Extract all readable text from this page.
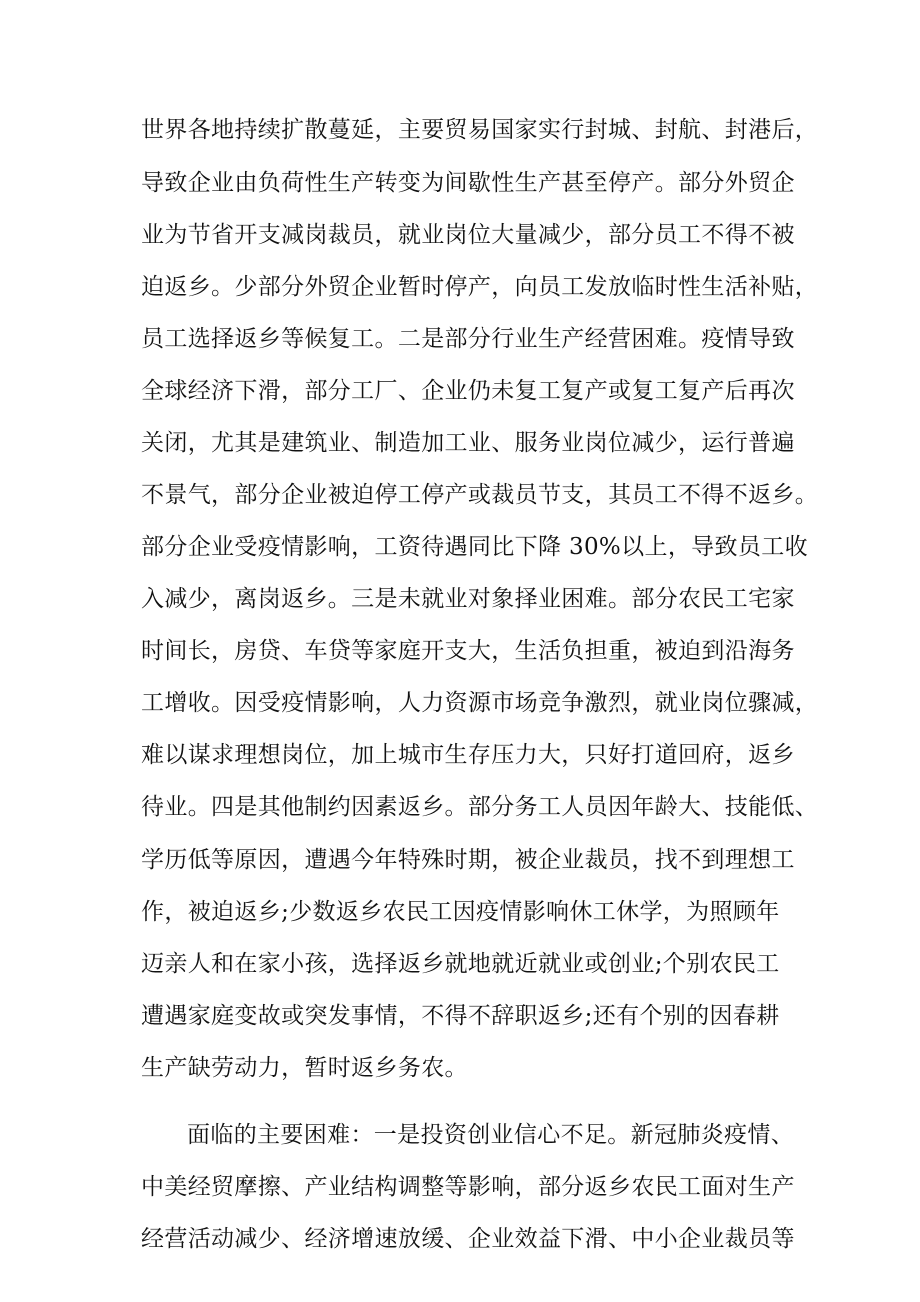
世界各地持续扩散蔓延，主要贸易国家实行封城、封航、封港后，
导致企业由负荷性生产转变为间歇性生产甚至停产。部分外贸企
业为节省开支减岗裁员，就业岗位大量减少，部分员工不得不被
迫返乡。少部分外贸企业暂时停产，向员工发放临时性生活补贴，
员工选择返乡等候复工。二是部分行业生产经营困难。疫情导致
全球经济下滑，部分工厂、企业仍未复工复产或复工复产后再次
关闭，尤其是建筑业、制造加工业、服务业岗位减少，运行普遍
不景气，部分企业被迫停工停产或裁员节支，其员工不得不返乡。
部分企业受疫情影响，工资待遇同比下降 30%以上，导致员工收
入减少，离岗返乡。三是未就业对象择业困难。部分农民工宅家
时间长，房贷、车贷等家庭开支大，生活负担重，被迫到沿海务
工增收。因受疫情影响，人力资源市场竞争激烈，就业岗位骤减，
难以谋求理想岗位，加上城市生存压力大，只好打道回府，返乡
待业。四是其他制约因素返乡。部分务工人员因年龄大、技能低、
学历低等原因，遭遇今年特殊时期，被企业裁员，找不到理想工
作，被迫返乡;少数返乡农民工因疫情影响休工休学，为照顾年
迈亲人和在家小孩，选择返乡就地就近就业或创业;个别农民工
遭遇家庭变故或突发事情，不得不辞职返乡;还有个别的因春耕
生产缺劳动力，暂时返乡务农。
面临的主要困难：一是投资创业信心不足。新冠肺炎疫情、
中美经贸摩擦、产业结构调整等影响，部分返乡农民工面对生产
经营活动减少、经济增速放缓、企业效益下滑、中小企业裁员等
